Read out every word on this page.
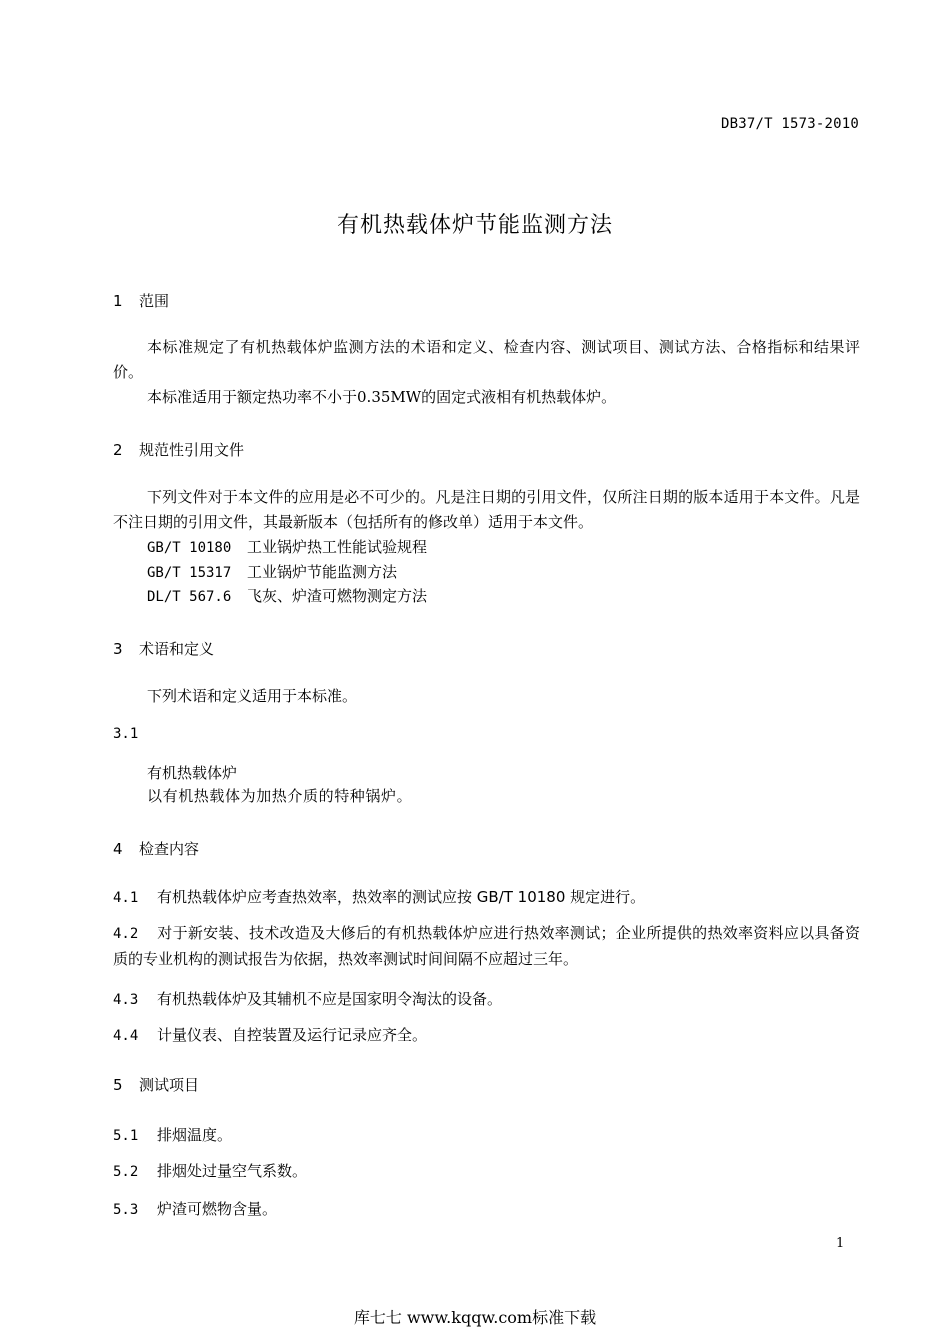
DB37/T 1573-2010
有机热载体炉节能监测方法
1 范围
本标准规定了有机热载体炉监测方法的术语和定义、检查内容、测试项目、测试方法、合格指标和结果评价。
本标准适用于额定热功率不小于0.35MW的固定式液相有机热载体炉。
2 规范性引用文件
下列文件对于本文件的应用是必不可少的。凡是注日期的引用文件，仅所注日期的版本适用于本文件。凡是不注日期的引用文件，其最新版本（包括所有的修改单）适用于本文件。
GB/T 10180 工业锅炉热工性能试验规程
GB/T 15317 工业锅炉节能监测方法
DL/T 567.6 飞灰、炉渣可燃物测定方法
3 术语和定义
下列术语和定义适用于本标准。
3.1
有机热载体炉
以有机热载体为加热介质的特种锅炉。
4 检查内容
4.1 有机热载体炉应考查热效率，热效率的测试应按 GB/T 10180 规定进行。
4.2 对于新安装、技术改造及大修后的有机热载体炉应进行热效率测试；企业所提供的热效率资料应以具备资质的专业机构的测试报告为依据，热效率测试时间间隔不应超过三年。
4.3 有机热载体炉及其辅机不应是国家明令淘汰的设备。
4.4 计量仪表、自控装置及运行记录应齐全。
5 测试项目
5.1 排烟温度。
5.2 排烟处过量空气系数。
5.3 炉渣可燃物含量。
1
库七七 www.kqqw.com标准下载
